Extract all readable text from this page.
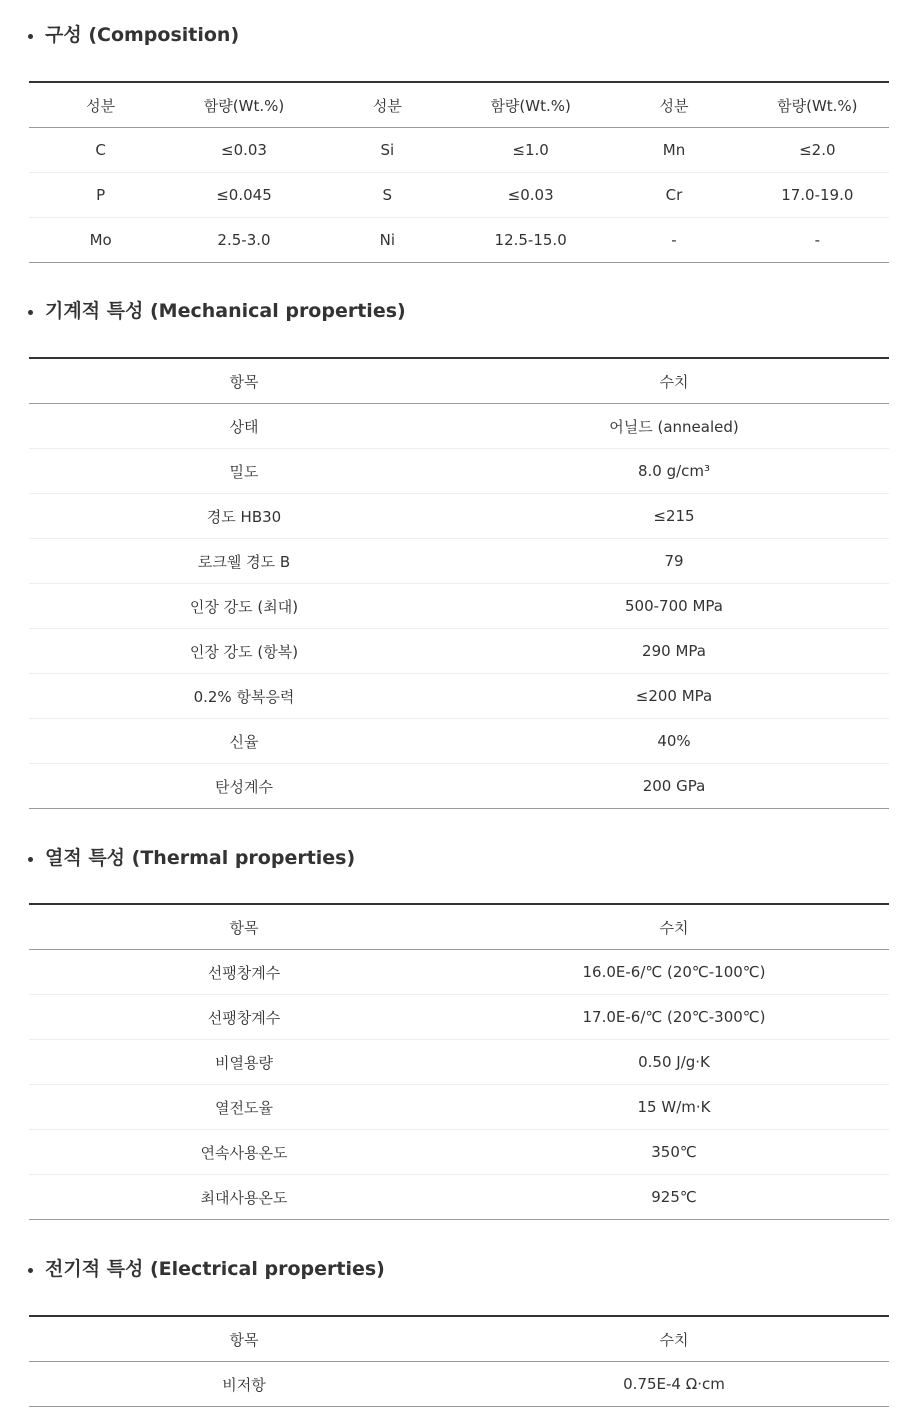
구성 (Composition)
성분	함량(Wt.%)	성분	함량(Wt.%)	성분	함량(Wt.%)
C	≤0.03	Si	≤1.0	Mn	≤2.0
P	≤0.045	S	≤0.03	Cr	17.0-19.0
Mo	2.5-3.0	Ni	12.5-15.0	-	-
기계적 특성 (Mechanical properties)
항목	수치
상태	어닐드 (annealed)
밀도	8.0 g/cm³
경도 HB30	≤215
로크웰 경도 B	79
인장 강도 (최대)	500-700 MPa
인장 강도 (항복)	290 MPa
0.2% 항복응력	≤200 MPa
신율	40%
탄성계수	200 GPa
열적 특성 (Thermal properties)
항목	수치
선팽창계수	16.0E-6/℃ (20℃-100℃)
선팽창계수	17.0E-6/℃ (20℃-300℃)
비열용량	0.50 J/g·K
열전도율	15 W/m·K
연속사용온도	350℃
최대사용온도	925℃
전기적 특성 (Electrical properties)
항목	수치
비저항	0.75E-4 Ω·cm
